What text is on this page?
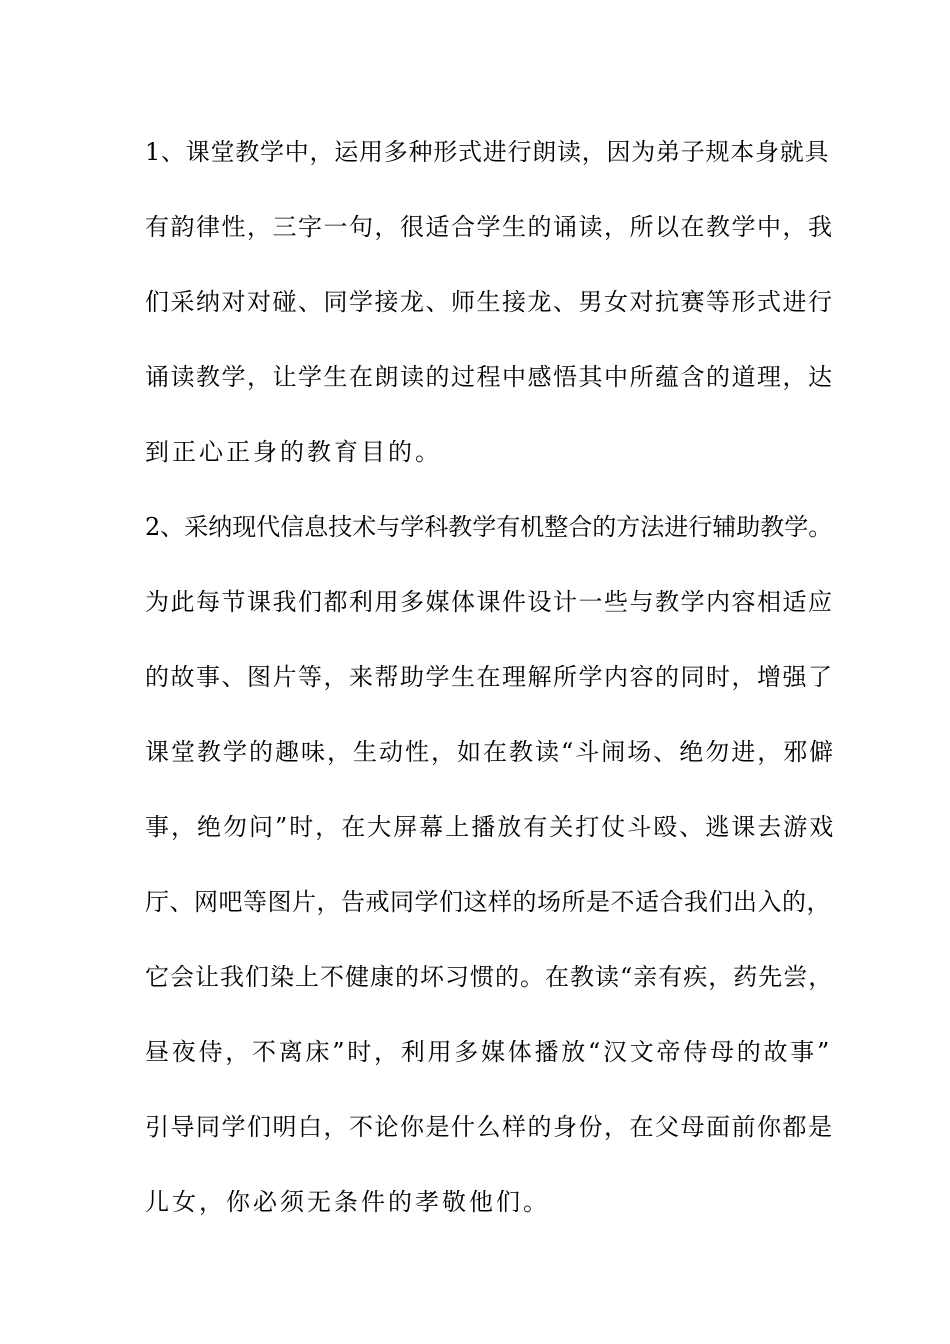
1、课堂教学中，运用多种形式进行朗读，因为弟子规本身就具
有韵律性，三字一句，很适合学生的诵读，所以在教学中，我
们采纳对对碰、同学接龙、师生接龙、男女对抗赛等形式进行
诵读教学，让学生在朗读的过程中感悟其中所蕴含的道理，达
到正心正身的教育目的。
2、采纳现代信息技术与学科教学有机整合的方法进行辅助教学。
为此每节课我们都利用多媒体课件设计一些与教学内容相适应
的故事、图片等，来帮助学生在理解所学内容的同时，增强了
课堂教学的趣味，生动性，如在教读“斗闹场、绝勿进，邪僻
事，绝勿问”时，在大屏幕上播放有关打仗斗殴、逃课去游戏
厅、网吧等图片，告戒同学们这样的场所是不适合我们出入的，
它会让我们染上不健康的坏习惯的。在教读“亲有疾，药先尝，
昼夜侍，不离床”时，利用多媒体播放“汉文帝侍母的故事”
引导同学们明白，不论你是什么样的身份，在父母面前你都是
儿女，你必须无条件的孝敬他们。
